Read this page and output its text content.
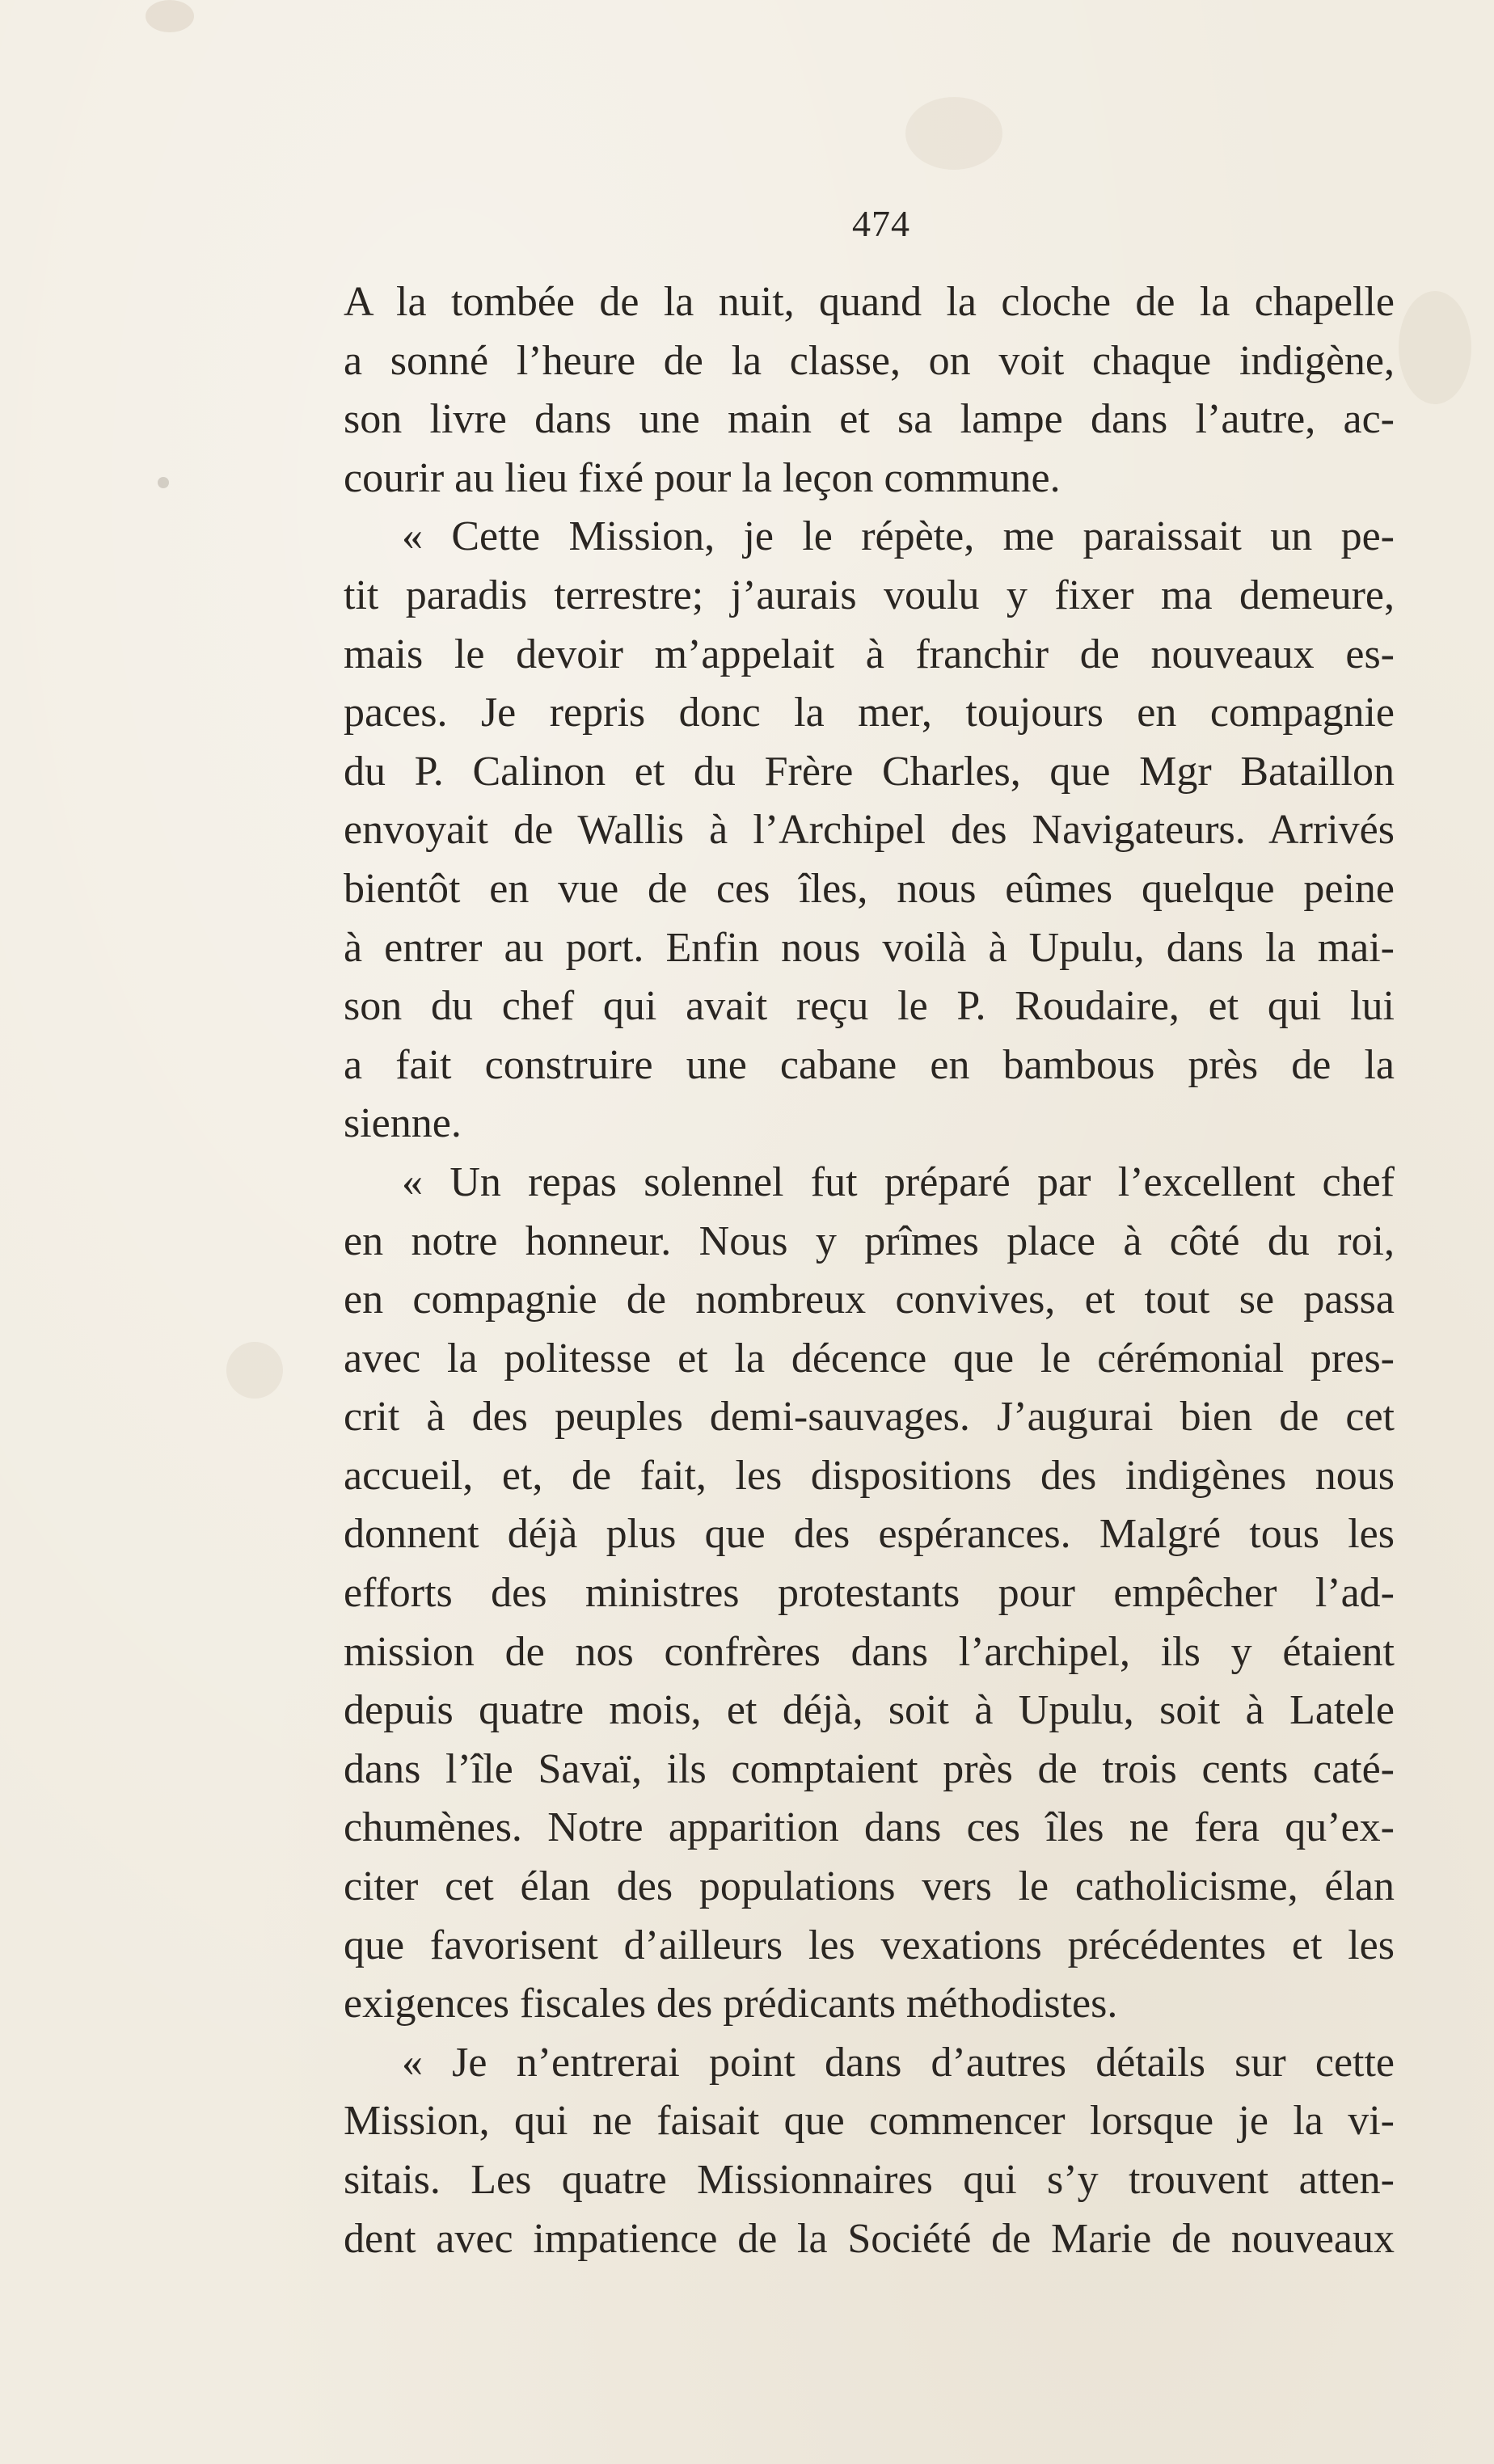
474
A la tombée de la nuit, quand la cloche de la chapelle
a sonné l’heure de la classe, on voit chaque indigène,
son livre dans une main et sa lampe dans l’autre, ac-
courir au lieu fixé pour la leçon commune.
« Cette Mission, je le répète, me paraissait un pe-
tit paradis terrestre; j’aurais voulu y fixer ma demeure,
mais le devoir m’appelait à franchir de nouveaux es-
paces. Je repris donc la mer, toujours en compagnie
du P. Calinon et du Frère Charles, que Mgr Bataillon
envoyait de Wallis à l’Archipel des Navigateurs. Arrivés
bientôt en vue de ces îles, nous eûmes quelque peine
à entrer au port. Enfin nous voilà à Upulu, dans la mai-
son du chef qui avait reçu le P. Roudaire, et qui lui
a fait construire une cabane en bambous près de la
sienne.
« Un repas solennel fut préparé par l’excellent chef
en notre honneur. Nous y prîmes place à côté du roi,
en compagnie de nombreux convives, et tout se passa
avec la politesse et la décence que le cérémonial pres-
crit à des peuples demi-sauvages. J’augurai bien de cet
accueil, et, de fait, les dispositions des indigènes nous
donnent déjà plus que des espérances. Malgré tous les
efforts des ministres protestants pour empêcher l’ad-
mission de nos confrères dans l’archipel, ils y étaient
depuis quatre mois, et déjà, soit à Upulu, soit à Latele
dans l’île Savaï, ils comptaient près de trois cents caté-
chumènes. Notre apparition dans ces îles ne fera qu’ex-
citer cet élan des populations vers le catholicisme, élan
que favorisent d’ailleurs les vexations précédentes et les
exigences fiscales des prédicants méthodistes.
« Je n’entrerai point dans d’autres détails sur cette
Mission, qui ne faisait que commencer lorsque je la vi-
sitais. Les quatre Missionnaires qui s’y trouvent atten-
dent avec impatience de la Société de Marie de nouveaux
